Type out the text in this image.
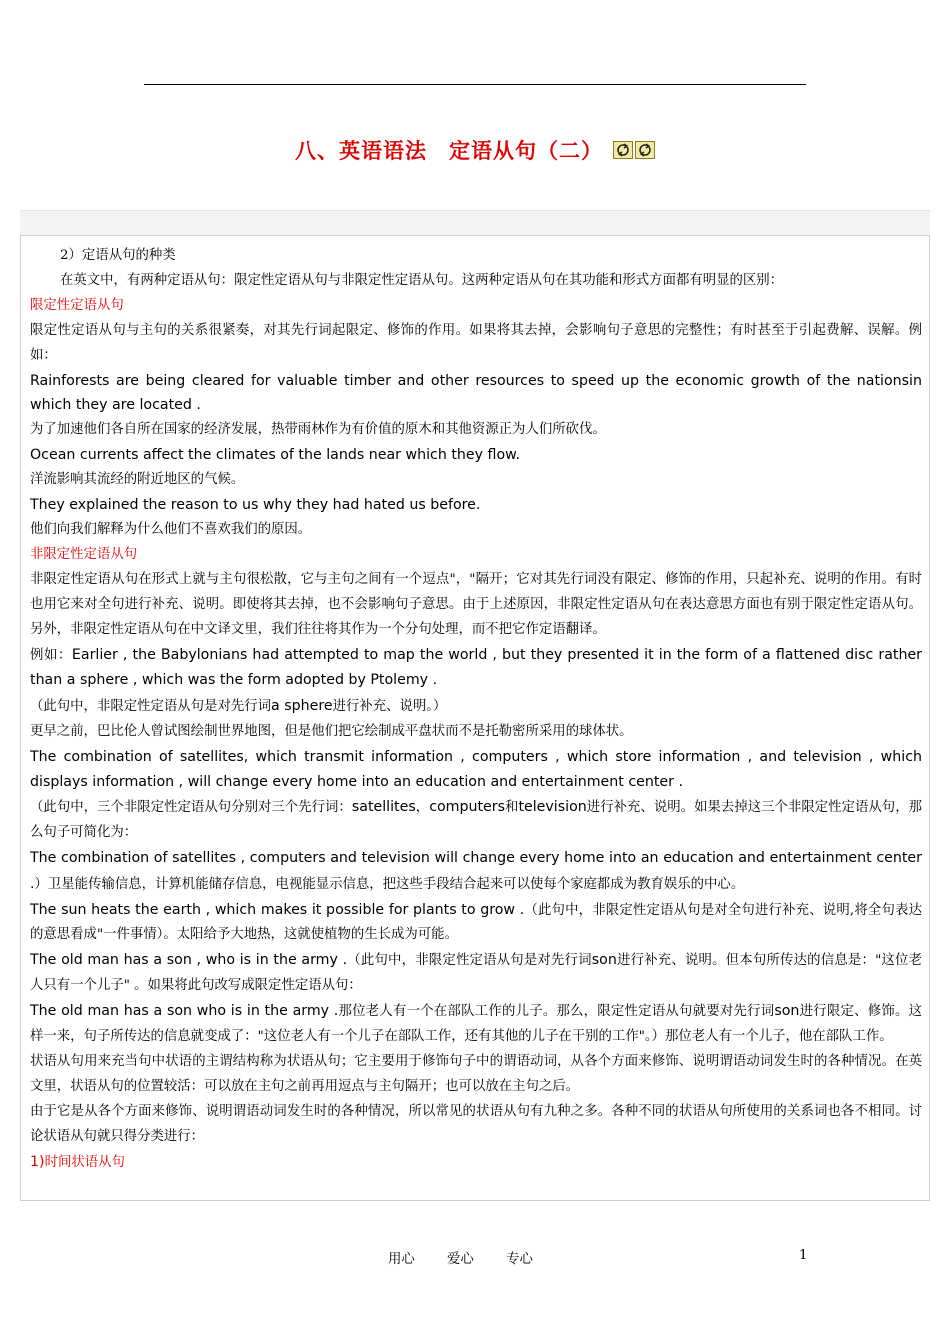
八、英语语法　定语从句（二）

2）定语从句的种类

在英文中，有两种定语从句：限定性定语从句与非限定性定语从句。这两种定语从句在其功能和形式方面都有明显的区别：

限定性定语从句

限定性定语从句与主句的关系很紧奏，对其先行词起限定、修饰的作用。如果将其去掉，会影响句子意思的完整性；有时甚至于引起费解、误解。例如：

Rainforests are being cleared for valuable timber and other resources to speed up the economic growth of the nationsin which they are located .

为了加速他们各自所在国家的经济发展，热带雨林作为有价值的原木和其他资源正为人们所砍伐。

Ocean currents affect the climates of the lands near which they flow.

洋流影响其流经的附近地区的气候。

They explained the reason to us why they had hated us before.

他们向我们解释为什么他们不喜欢我们的原因。

非限定性定语从句

非限定性定语从句在形式上就与主句很松散，它与主句之间有一个逗点"，"隔开；它对其先行词没有限定、修饰的作用，只起补充、说明的作用。有时也用它来对全句进行补充、说明。即使将其去掉，也不会影响句子意思。由于上述原因，非限定性定语从句在表达意思方面也有别于限定性定语从句。另外，非限定性定语从句在中文译文里，我们往往将其作为一个分句处理，而不把它作定语翻译。

例如：Earlier , the Babylonians had attempted to map the world , but they presented it in the form of a flattened disc rather than a sphere , which was the form adopted by Ptolemy .

（此句中，非限定性定语从句是对先行词a sphere进行补充、说明。）

更早之前，巴比伦人曾试图绘制世界地图，但是他们把它绘制成平盘状而不是托勒密所采用的球体状。

The combination of satellites, which transmit information , computers , which store information , and television , which displays information , will change every home into an education and entertainment center .

（此句中，三个非限定性定语从句分别对三个先行词：satellites，computers和television进行补充、说明。如果去掉这三个非限定性定语从句，那么句子可简化为：

The combination of satellites , computers and television will change every home into an education and entertainment center .）卫星能传输信息，计算机能储存信息，电视能显示信息，把这些手段结合起来可以使每个家庭都成为教育娱乐的中心。

The sun heats the earth , which makes it possible for plants to grow .（此句中，非限定性定语从句是对全句进行补充、说明,将全句表达的意思看成"一件事情）。太阳给予大地热，这就使植物的生长成为可能。

The old man has a son , who is in the army .（此句中，非限定性定语从句是对先行词son进行补充、说明。但本句所传达的信息是："这位老人只有一个儿子" 。如果将此句改写成限定性定语从句：

The old man has a son who is in the army .那位老人有一个在部队工作的儿子。那么，限定性定语从句就要对先行词son进行限定、修饰。这样一来，句子所传达的信息就变成了："这位老人有一个儿子在部队工作，还有其他的儿子在干别的工作"。）那位老人有一个儿子，他在部队工作。

状语从句用来充当句中状语的主谓结构称为状语从句；它主要用于修饰句子中的谓语动词，从各个方面来修饰、说明谓语动词发生时的各种情况。在英文里，状语从句的位置较活：可以放在主句之前再用逗点与主句隔开；也可以放在主句之后。

由于它是从各个方面来修饰、说明谓语动词发生时的各种情况，所以常见的状语从句有九种之多。各种不同的状语从句所使用的关系词也各不相同。讨论状语从句就只得分类进行：

1)时间状语从句

用心 爱心 专心	1
